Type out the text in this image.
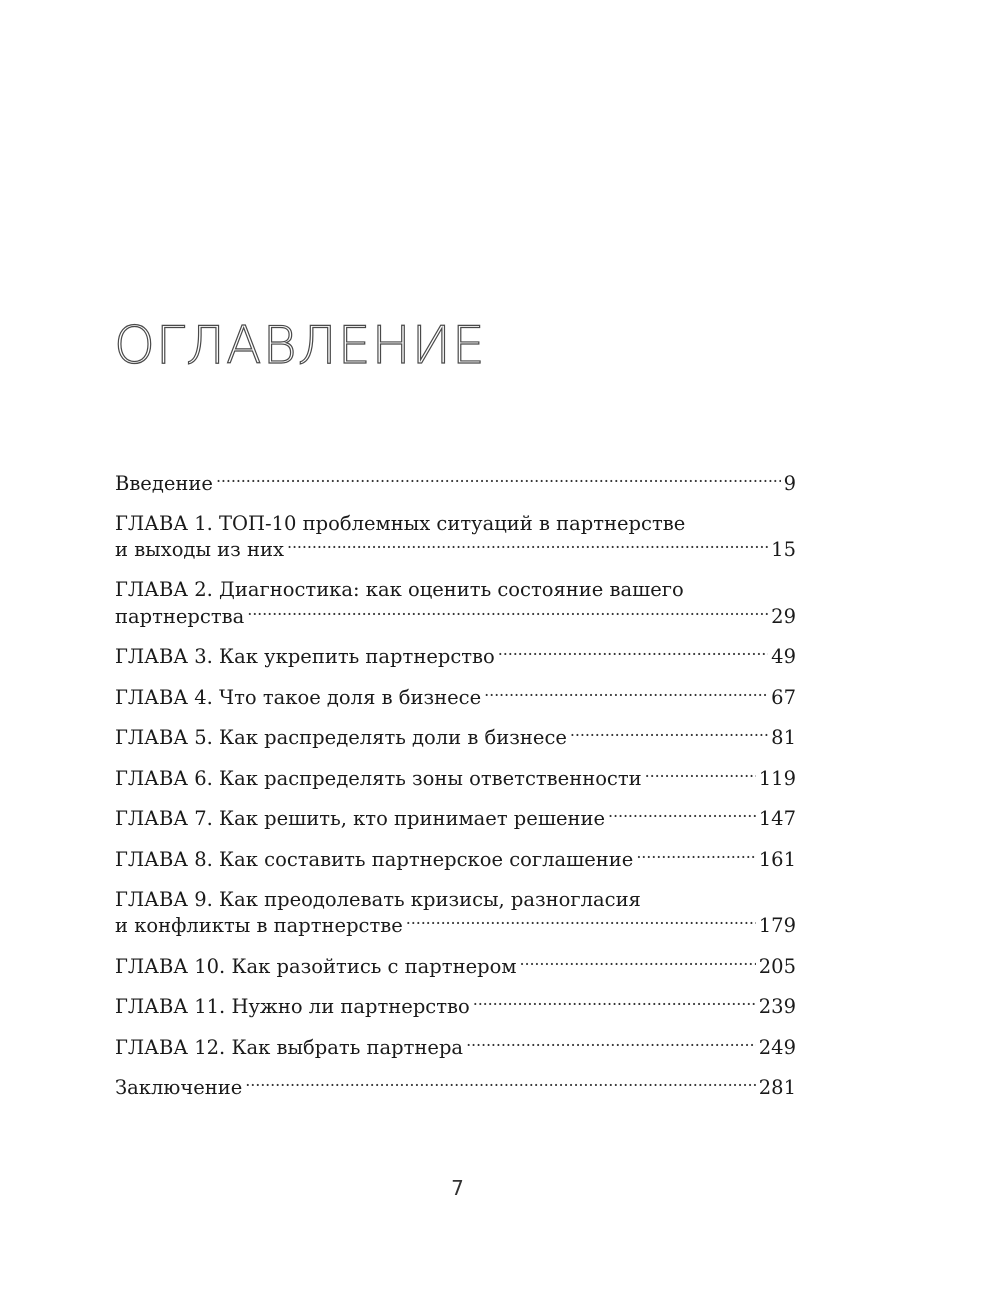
ОГЛАВЛЕНИЕ
Введение . . .	9
ГЛАВА 1. ТОП-10 проблемных ситуаций в партнерстве
и выходы из них . . .	15
ГЛАВА 2. Диагностика: как оценить состояние вашего
партнерства . . .	29
ГЛАВА 3. Как укрепить партнерство . . .	49
ГЛАВА 4. Что такое доля в бизнесе . . .	67
ГЛАВА 5. Как распределять доли в бизнесе . . .	81
ГЛАВА 6. Как распределять зоны ответственности . . .	119
ГЛАВА 7. Как решить, кто принимает решение . . .	147
ГЛАВА 8. Как составить партнерское соглашение . . .	161
ГЛАВА 9. Как преодолевать кризисы, разногласия
и конфликты в партнерстве . . .	179
ГЛАВА 10. Как разойтись с партнером . . .	205
ГЛАВА 11. Нужно ли партнерство . . .	239
ГЛАВА 12. Как выбрать партнера . . .	249
Заключение . . .	281
7
